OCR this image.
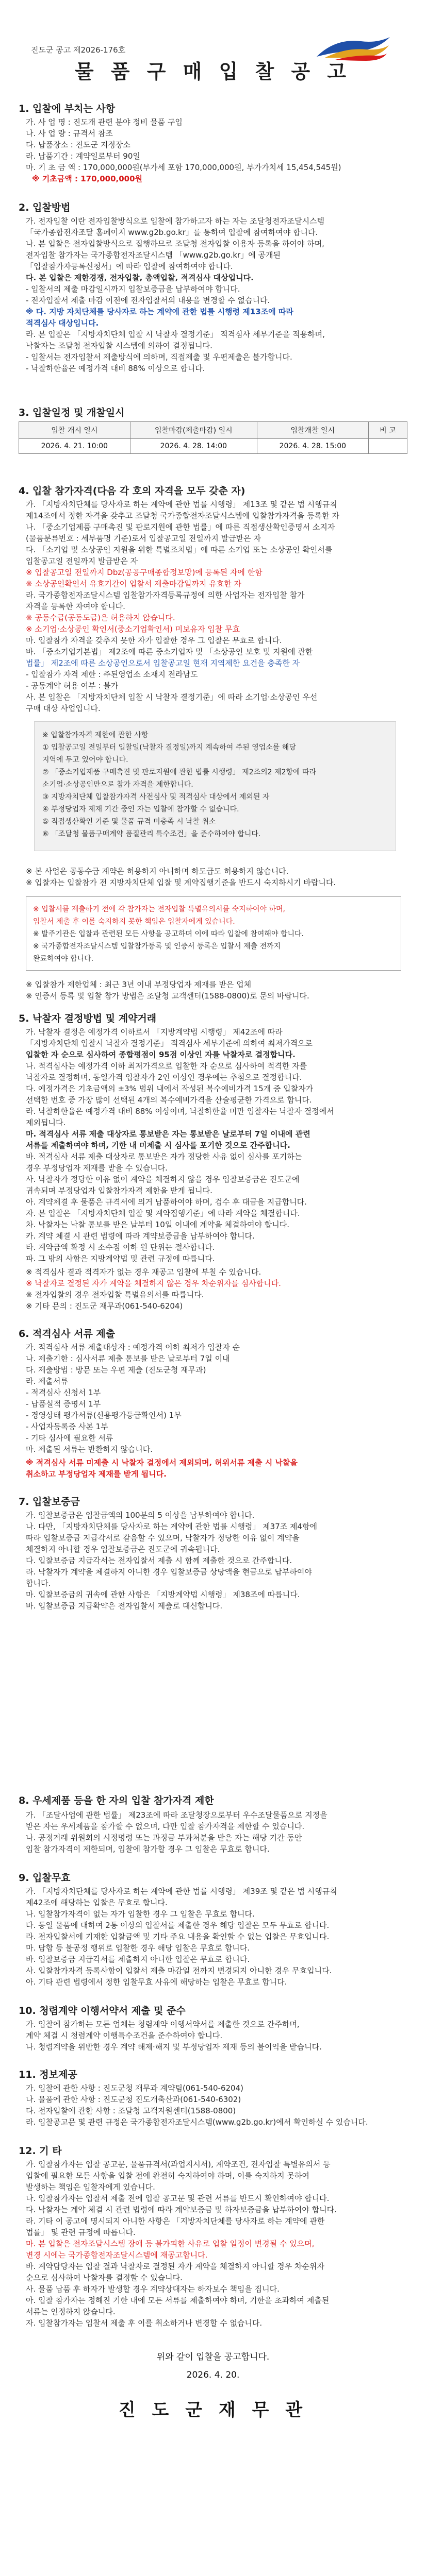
진도군 공고 제2026-176호
물 품 구 매 입 찰 공 고
1. 입찰에 부치는 사항
가. 사 업 명 : 진도개 관련 분야 정비 물품 구입
나. 사 업 량 : 규격서 참조
다. 납품장소 : 진도군 지정장소
라. 납품기간 : 계약일로부터 90일
마. 기 초 금 액 : 170,000,000원(부가세 포함 170,000,000원, 부가가치세 15,454,545원)
※ 기초금액 : 170,000,000원
2. 입찰방법
가. 전자입찰 이란 전자입찰방식으로 입찰에 참가하고자 하는 자는 조달청전자조달시스템
「국가종합전자조달 홈페이지 www.g2b.go.kr」를 통하여 입찰에 참여하여야 합니다.
나. 본 입찰은 전자입찰방식으로 집행하므로 조달청 전자입찰 이용자 등록을 하여야 하며,
전자입찰 참가자는 국가종합전자조달시스템 「www.g2b.go.kr」에 공개된
「입찰참가자등록신청서」에 따라 입찰에 참여하여야 합니다.
다. 본 입찰은 제한경쟁, 전자입찰, 총액입찰, 적격심사 대상입니다.
- 입찰서의 제출 마감일시까지 입찰보증금을 납부하여야 합니다.
- 전자입찰서 제출 마감 이전에 전자입찰서의 내용을 변경할 수 없습니다.
※ 다. 지방 자치단체를 당사자로 하는 계약에 관한 법률 시행령 제13조에 따라
적격심사 대상입니다.
라. 본 입찰은 「지방자치단체 입찰 시 낙찰자 결정기준」 적격심사 세부기준을 적용하며,
낙찰자는 조달청 전자입찰 시스템에 의하여 결정됩니다.
- 입찰서는 전자입찰서 제출방식에 의하며, 직접제출 및 우편제출은 불가합니다.
- 낙찰하한율은 예정가격 대비 88% 이상으로 합니다.
3. 입찰일정 및 개찰일시
입찰 개시 일시	입찰마감(제출마감) 일시	입찰개찰 일시	비 고
2026. 4. 21. 10:00	2026. 4. 28. 14:00	2026. 4. 28. 15:00	
4. 입찰 참가자격(다음 각 호의 자격을 모두 갖춘 자)
가. 「지방자치단체를 당사자로 하는 계약에 관한 법률 시행령」 제13조 및 같은 법 시행규칙
제14조에서 정한 자격을 갖추고 조달청 국가종합전자조달시스템에 입찰참가자격을 등록한 자
나. 「중소기업제품 구매촉진 및 판로지원에 관한 법률」에 따른 직접생산확인증명서 소지자
(물품분류번호 : 세부품명 기준)로서 입찰공고일 전일까지 발급받은 자
다. 「소기업 및 소상공인 지원을 위한 특별조치법」에 따른 소기업 또는 소상공인 확인서를
입찰공고일 전일까지 발급받은 자
※ 입찰공고일 전일까지 Dbz(공공구매종합정보망)에 등록된 자에 한함
※ 소상공인확인서 유효기간이 입찰서 제출마감일까지 유효한 자
라. 국가종합전자조달시스템 입찰참가자격등록규정에 의한 사업자는 전자입찰 참가
자격을 등록한 자여야 합니다.
※ 공동수급(공동도급)은 허용하지 않습니다.
※ 소기업·소상공인 확인서(중소기업확인서) 미보유자 입찰 무효
마. 입찰참가 자격을 갖추지 못한 자가 입찰한 경우 그 입찰은 무효로 합니다.
바. 「중소기업기본법」 제2조에 따른 중소기업자 및 「소상공인 보호 및 지원에 관한
법률」 제2조에 따른 소상공인으로서 입찰공고일 현재 지역제한 요건을 충족한 자
- 입찰참가 자격 제한 : 주된영업소 소재지 전라남도
- 공동계약 허용 여부 : 불가
사. 본 입찰은 「지방자치단체 입찰 시 낙찰자 결정기준」에 따라 소기업·소상공인 우선
구매 대상 사업입니다.
※ 입찰참가자격 제한에 관한 사항
① 입찰공고일 전일부터 입찰일(낙찰자 결정일)까지 계속하여 주된 영업소를 해당
지역에 두고 있어야 합니다.
② 「중소기업제품 구매촉진 및 판로지원에 관한 법률 시행령」 제2조의2 제2항에 따라
소기업·소상공인만으로 참가 자격을 제한합니다.
③ 지방자치단체 입찰참가자격 사전심사 및 적격심사 대상에서 제외된 자
④ 부정당업자 제재 기간 중인 자는 입찰에 참가할 수 없습니다.
⑤ 직접생산확인 기준 및 물품 규격 미충족 시 낙찰 취소
⑥ 「조달청 물품구매계약 품질관리 특수조건」을 준수하여야 합니다.
※ 본 사업은 공동수급 계약은 허용하지 아니하며 하도급도 허용하지 않습니다.
※ 입찰자는 입찰참가 전 지방자치단체 입찰 및 계약집행기준을 반드시 숙지하시기 바랍니다.
※ 입찰서를 제출하기 전에 각 참가자는 전자입찰 특별유의서를 숙지하여야 하며,
입찰서 제출 후 이를 숙지하지 못한 책임은 입찰자에게 있습니다.
※ 발주기관은 입찰과 관련된 모든 사항을 공고하며 이에 따라 입찰에 참여해야 합니다.
※ 국가종합전자조달시스템 입찰참가등록 및 인증서 등록은 입찰서 제출 전까지
완료하여야 합니다.
※ 입찰참가 제한업체 : 최근 3년 이내 부정당업자 제재를 받은 업체
※ 인증서 등록 및 입찰 참가 방법은 조달청 고객센터(1588-0800)로 문의 바랍니다.
5. 낙찰자 결정방법 및 계약거래
가. 낙찰자 결정은 예정가격 이하로서 「지방계약법 시행령」 제42조에 따라
「지방자치단체 입찰시 낙찰자 결정기준」 적격심사 세부기준에 의하여 최저가격으로
입찰한 자 순으로 심사하여 종합평점이 95점 이상인 자를 낙찰자로 결정합니다.
나. 적격심사는 예정가격 이하 최저가격으로 입찰한 자 순으로 심사하여 적격한 자를
낙찰자로 결정하며, 동일가격 입찰자가 2인 이상인 경우에는 추첨으로 결정합니다.
다. 예정가격은 기초금액의 ±3% 범위 내에서 작성된 복수예비가격 15개 중 입찰자가
선택한 번호 중 가장 많이 선택된 4개의 복수예비가격을 산술평균한 가격으로 합니다.
라. 낙찰하한율은 예정가격 대비 88% 이상이며, 낙찰하한율 미만 입찰자는 낙찰자 결정에서
제외됩니다.
마. 적격심사 서류 제출 대상자로 통보받은 자는 통보받은 날로부터 7일 이내에 관련
서류를 제출하여야 하며, 기한 내 미제출 시 심사를 포기한 것으로 간주합니다.
바. 적격심사 서류 제출 대상자로 통보받은 자가 정당한 사유 없이 심사를 포기하는
경우 부정당업자 제재를 받을 수 있습니다.
사. 낙찰자가 정당한 이유 없이 계약을 체결하지 않을 경우 입찰보증금은 진도군에
귀속되며 부정당업자 입찰참가자격 제한을 받게 됩니다.
아. 계약체결 후 물품은 규격서에 의거 납품하여야 하며, 검수 후 대금을 지급합니다.
자. 본 입찰은 「지방자치단체 입찰 및 계약집행기준」에 따라 계약을 체결합니다.
차. 낙찰자는 낙찰 통보를 받은 날부터 10일 이내에 계약을 체결하여야 합니다.
카. 계약 체결 시 관련 법령에 따라 계약보증금을 납부하여야 합니다.
타. 계약금액 확정 시 소수점 이하 원 단위는 절사합니다.
파. 그 밖의 사항은 지방계약법 및 관련 규정에 따릅니다.
※ 적격심사 결과 적격자가 없는 경우 재공고 입찰에 부칠 수 있습니다.
※ 낙찰자로 결정된 자가 계약을 체결하지 않은 경우 차순위자를 심사합니다.
※ 전자입찰의 경우 전자입찰 특별유의서를 따릅니다.
※ 기타 문의 : 진도군 재무과(061-540-6204)
6. 적격심사 서류 제출
가. 적격심사 서류 제출대상자 : 예정가격 이하 최저가 입찰자 순
나. 제출기한 : 심사서류 제출 통보를 받은 날로부터 7일 이내
다. 제출방법 : 방문 또는 우편 제출 (진도군청 재무과)
라. 제출서류
- 적격심사 신청서 1부
- 납품실적 증명서 1부
- 경영상태 평가서류(신용평가등급확인서) 1부
- 사업자등록증 사본 1부
- 기타 심사에 필요한 서류
마. 제출된 서류는 반환하지 않습니다.
※ 적격심사 서류 미제출 시 낙찰자 결정에서 제외되며, 허위서류 제출 시 낙찰을
취소하고 부정당업자 제재를 받게 됩니다.
7. 입찰보증금
가. 입찰보증금은 입찰금액의 100분의 5 이상을 납부하여야 합니다.
나. 다만, 「지방자치단체를 당사자로 하는 계약에 관한 법률 시행령」 제37조 제4항에
따라 입찰보증금 지급각서로 갈음할 수 있으며, 낙찰자가 정당한 이유 없이 계약을
체결하지 아니할 경우 입찰보증금은 진도군에 귀속됩니다.
다. 입찰보증금 지급각서는 전자입찰서 제출 시 함께 제출한 것으로 간주합니다.
라. 낙찰자가 계약을 체결하지 아니한 경우 입찰보증금 상당액을 현금으로 납부하여야
합니다.
마. 입찰보증금의 귀속에 관한 사항은 「지방계약법 시행령」 제38조에 따릅니다.
바. 입찰보증금 지급확약은 전자입찰서 제출로 대신합니다.
8. 우세제품 등을 한 자의 입찰 참가자격 제한
가. 「조달사업에 관한 법률」 제23조에 따라 조달청장으로부터 우수조달물품으로 지정을
받은 자는 우세제품을 참가할 수 없으며, 다만 입찰 참가자격을 제한할 수 있습니다.
나. 공정거래 위원회의 시정명령 또는 과징금 부과처분을 받은 자는 해당 기간 동안
입찰 참가자격이 제한되며, 입찰에 참가할 경우 그 입찰은 무효로 합니다.
9. 입찰무효
가. 「지방자치단체를 당사자로 하는 계약에 관한 법률 시행령」 제39조 및 같은 법 시행규칙
제42조에 해당하는 입찰은 무효로 합니다.
나. 입찰참가자격이 없는 자가 입찰한 경우 그 입찰은 무효로 합니다.
다. 동일 물품에 대하여 2통 이상의 입찰서를 제출한 경우 해당 입찰은 모두 무효로 합니다.
라. 전자입찰서에 기재한 입찰금액 및 기타 주요 내용을 확인할 수 없는 입찰은 무효입니다.
마. 담합 등 불공정 행위로 입찰한 경우 해당 입찰은 무효로 합니다.
바. 입찰보증금 지급각서를 제출하지 아니한 입찰은 무효로 합니다.
사. 입찰참가자격 등록사항이 입찰서 제출 마감일 전까지 변경되지 아니한 경우 무효입니다.
아. 기타 관련 법령에서 정한 입찰무효 사유에 해당하는 입찰은 무효로 합니다.
10. 청렴계약 이행서약서 제출 및 준수
가. 입찰에 참가하는 모든 업체는 청렴계약 이행서약서를 제출한 것으로 간주하며,
계약 체결 시 청렴계약 이행특수조건을 준수하여야 합니다.
나. 청렴계약을 위반한 경우 계약 해제·해지 및 부정당업자 제재 등의 불이익을 받습니다.
11. 정보제공
가. 입찰에 관한 사항 : 진도군청 재무과 계약팀(061-540-6204)
나. 물품에 관한 사항 : 진도군청 진도개축산과(061-540-6302)
다. 전자입찰에 관한 사항 : 조달청 고객지원센터(1588-0800)
라. 입찰공고문 및 관련 규정은 국가종합전자조달시스템(www.g2b.go.kr)에서 확인하실 수 있습니다.
12. 기 타
가. 입찰참가자는 입찰 공고문, 물품규격서(과업지시서), 계약조건, 전자입찰 특별유의서 등
입찰에 필요한 모든 사항을 입찰 전에 완전히 숙지하여야 하며, 이를 숙지하지 못하여
발생하는 책임은 입찰자에게 있습니다.
나. 입찰참가자는 입찰서 제출 전에 입찰 공고문 및 관련 서류를 반드시 확인하여야 합니다.
다. 낙찰자는 계약 체결 시 관련 법령에 따라 계약보증금 및 하자보증금을 납부하여야 합니다.
라. 기타 이 공고에 명시되지 아니한 사항은 「지방자치단체를 당사자로 하는 계약에 관한
법률」 및 관련 규정에 따릅니다.
마. 본 입찰은 전자조달시스템 장애 등 불가피한 사유로 입찰 일정이 변경될 수 있으며,
변경 시에는 국가종합전자조달시스템에 재공고합니다.
바. 계약담당자는 입찰 결과 낙찰자로 결정된 자가 계약을 체결하지 아니할 경우 차순위자
순으로 심사하여 낙찰자를 결정할 수 있습니다.
사. 물품 납품 후 하자가 발생할 경우 계약상대자는 하자보수 책임을 집니다.
아. 입찰 참가자는 정해진 기한 내에 모든 서류를 제출하여야 하며, 기한을 초과하여 제출된
서류는 인정하지 않습니다.
자. 입찰참가자는 입찰서 제출 후 이를 취소하거나 변경할 수 없습니다.
위와 같이 입찰을 공고합니다.
2026. 4. 20.
진 도 군 재 무 관
